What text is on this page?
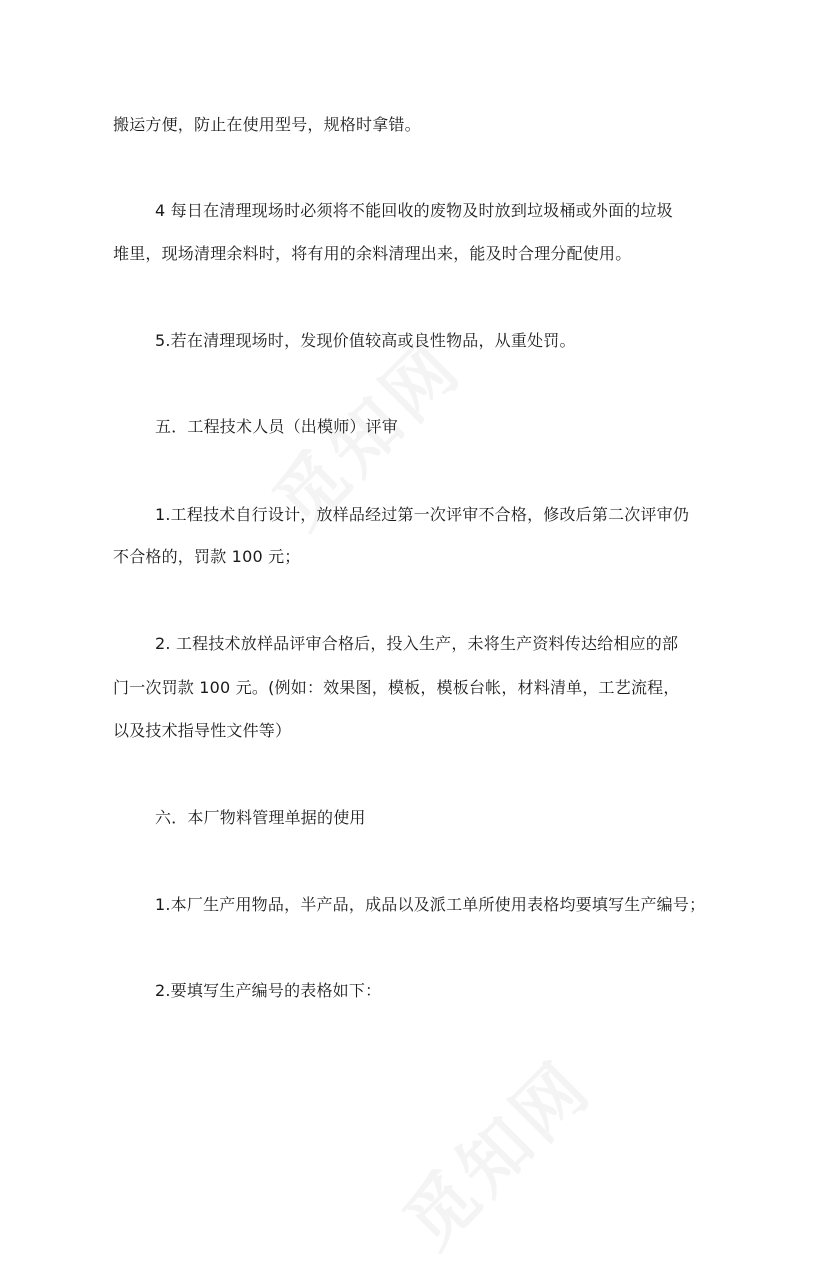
搬运方便，防止在使用型号，规格时拿错。
4 每日在清理现场时必须将不能回收的废物及时放到垃圾桶或外面的垃圾
堆里，现场清理余料时，将有用的余料清理出来，能及时合理分配使用。
5.若在清理现场时，发现价值较高或良性物品，从重处罚。
五．工程技术人员（出模师）评审
1.工程技术自行设计，放样品经过第一次评审不合格，修改后第二次评审仍
不合格的，罚款 100 元；
2. 工程技术放样品评审合格后，投入生产，未将生产资料传达给相应的部
门一次罚款 100 元。(例如：效果图，模板，模板台帐，材料清单，工艺流程，
以及技术指导性文件等）
六．本厂物料管理单据的使用
1.本厂生产用物品，半产品，成品以及派工单所使用表格均要填写生产编号；
2.要填写生产编号的表格如下：
